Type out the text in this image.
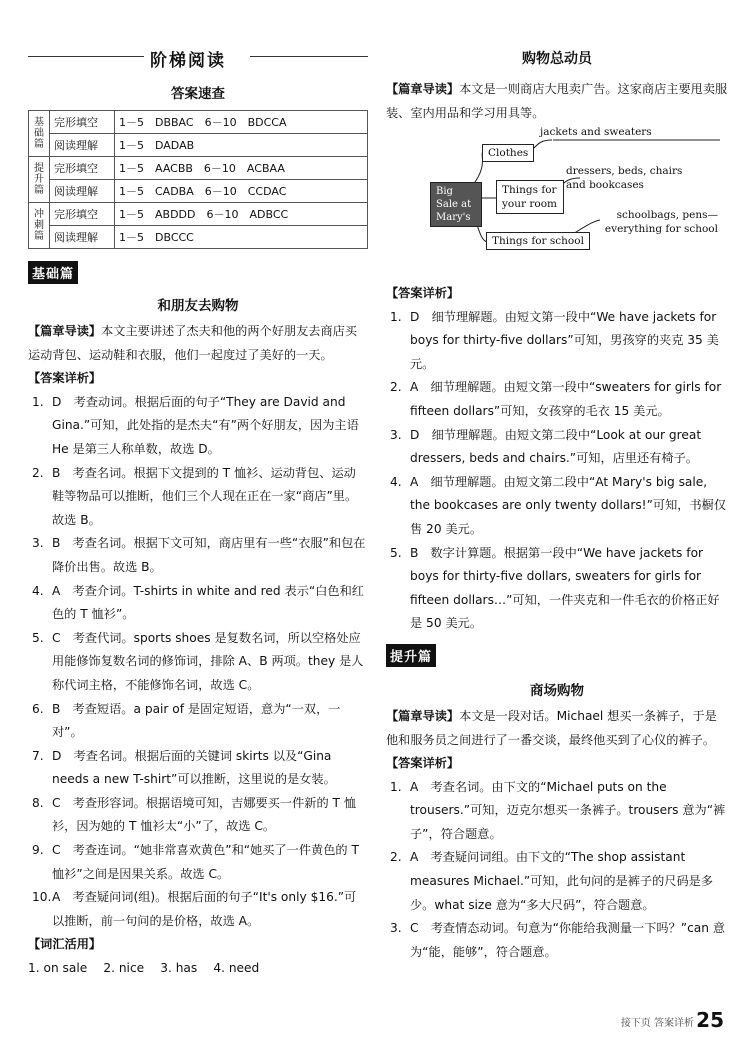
阶梯阅读	购物总动员
答案速查
基础篇	完形填空	1－5　DBBAC　6－10　BDCCA
	阅读理解	1－5　DADAB
提升篇	完形填空	1－5　AACBB　6－10　ACBAA
	阅读理解	1－5　CADBA　6－10　CCDAC
冲刺篇	完形填空	1－5　ABDDD　6－10　ADBCC
	阅读理解	1－5　DBCCC
基础篇
和朋友去购物

【篇章导读】本文主要讲述了杰夫和他的两个好朋友去商店买运动背包、运动鞋和衣服，他们一起度过了美好的一天。

【答案详析】

1. D　考查动词。根据后面的句子“They are David and Gina.”可知，此处指的是杰夫“有”两个好朋友，因为主语 He 是第三人称单数，故选 D。
2. B　考查名词。根据下文提到的 T 恤衫、运动背包、运动鞋等物品可以推断，他们三个人现在正在一家“商店”里。故选 B。
3. B　考查名词。根据下文可知，商店里有一些“衣服”和包在降价出售。故选 B。
4. A　考查介词。T-shirts in white and red 表示“白色和红色的 T 恤衫”。
5. C　考查代词。sports shoes 是复数名词，所以空格处应用能修饰复数名词的修饰词，排除 A、B 两项。they 是人称代词主格，不能修饰名词，故选 C。
6. B　考查短语。a pair of 是固定短语，意为“一双，一对”。
7. D　考查名词。根据后面的关键词 skirts 以及“Gina needs a new T-shirt”可以推断，这里说的是女装。
8. C　考查形容词。根据语境可知，吉娜要买一件新的 T 恤衫，因为她的 T 恤衫太“小”了，故选 C。
9. C　考查连词。“她非常喜欢黄色”和“她买了一件黄色的 T 恤衫”之间是因果关系。故选 C。
10. A　考查疑问词(组)。根据后面的句子“It's only $16.”可以推断，前一句问的是价格，故选 A。

【词汇活用】

1. on sale　 2. nice　 3. has　 4. need

【篇章导读】本文是一则商店大甩卖广告。这家商店主要甩卖服装、室内用品和学习用具等。

Big Sale at Mary's
Clothes
jackets and sweaters
Things for your room
dressers, beds, chairs and bookcases
Things for school
schoolbags, pens—everything for school

【答案详析】

1. D　细节理解题。由短文第一段中“We have jackets for boys for thirty-five dollars”可知，男孩穿的夹克 35 美元。
2. A　细节理解题。由短文第一段中“sweaters for girls for fifteen dollars”可知，女孩穿的毛衣 15 美元。
3. D　细节理解题。由短文第二段中“Look at our great dressers, beds and chairs.”可知，店里还有椅子。
4. A　细节理解题。由短文第二段中“At Mary's big sale, the bookcases are only twenty dollars!”可知，书橱仅售 20 美元。
5. B　数字计算题。根据第一段中“We have jackets for boys for thirty-five dollars, sweaters for girls for fifteen dollars…”可知，一件夹克和一件毛衣的价格正好是 50 美元。
提升篇
商场购物

【篇章导读】本文是一段对话。Michael 想买一条裤子，于是他和服务员之间进行了一番交谈，最终他买到了心仪的裤子。

【答案详析】

1. A　考查名词。由下文的“Michael puts on the trousers.”可知，迈克尔想买一条裤子。trousers 意为“裤子”，符合题意。
2. A　考查疑问词组。由下文的“The shop assistant measures Michael.”可知，此句问的是裤子的尺码是多少。what size 意为“多大尺码”，符合题意。
3. C　考查情态动词。句意为“你能给我测量一下吗？”can 意为“能，能够”，符合题意。
接下页 答案详析 25
